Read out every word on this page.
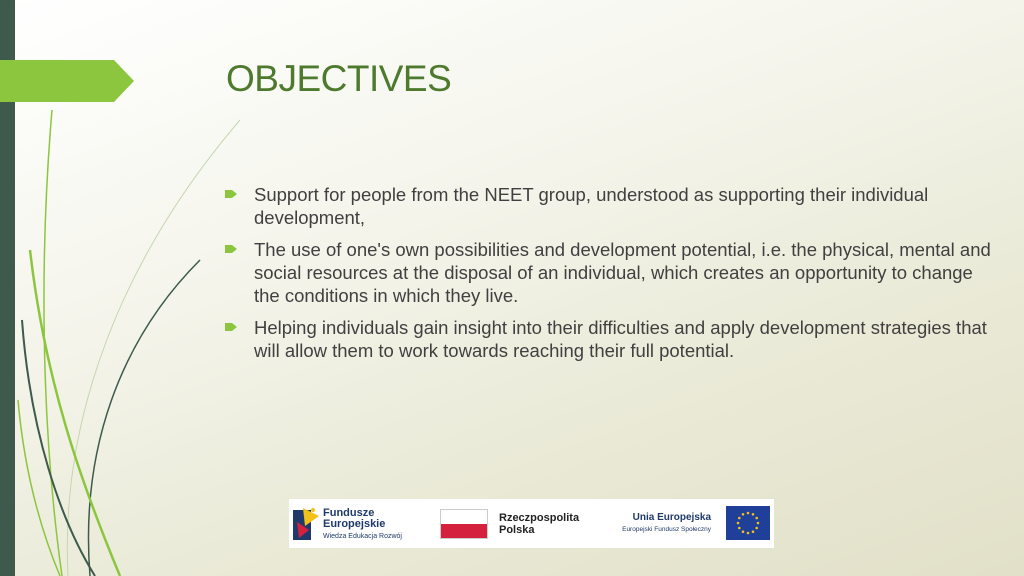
OBJECTIVES
Support for people from the NEET group, understood as supporting their individual development,
The use of one's own possibilities and development potential, i.e. the physical, mental and social resources at the disposal of an individual, which creates an opportunity to change the conditions in which they live.
Helping individuals gain insight into their difficulties and apply development strategies that will allow them to work towards reaching their full potential.
Fundusze
Europejskie
Wiedza Edukacja Rozwój
Rzeczpospolita
Polska
Unia Europejska
Europejski Fundusz Społeczny
